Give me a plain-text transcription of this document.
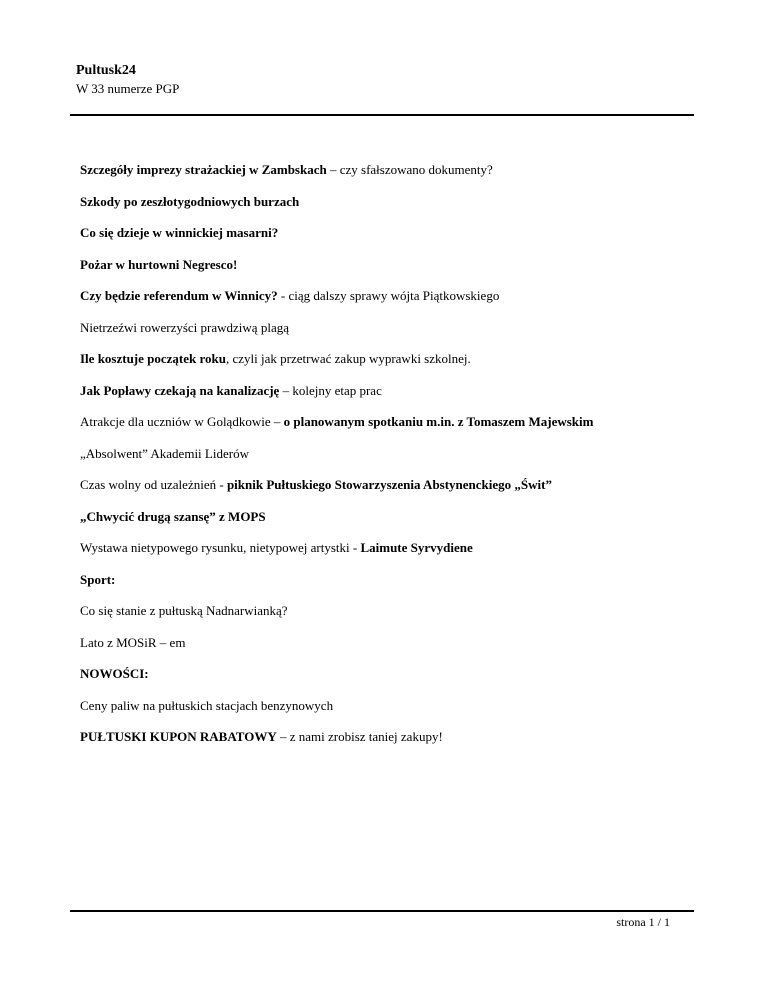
Pultusk24
W 33 numerze PGP
Szczegóły imprezy strażackiej w Zambskach – czy sfałszowano dokumenty?
Szkody po zeszłotygodniowych burzach
Co się dzieje w winnickiej masarni?
Pożar w hurtowni Negresco!
Czy będzie referendum w Winnicy? - ciąg dalszy sprawy wójta Piątkowskiego
Nietrzeźwi rowerzyści prawdziwą plagą
Ile kosztuje początek roku, czyli jak przetrwać zakup wyprawki szkolnej.
Jak Popławy czekają na kanalizację – kolejny etap prac
Atrakcje dla uczniów w Golądkowie – o planowanym spotkaniu m.in. z Tomaszem Majewskim
„Absolwent” Akademii Liderów
Czas wolny od uzależnień - piknik Pułtuskiego Stowarzyszenia Abstynenckiego „Świt”
„Chwycić drugą szansę” z MOPS
Wystawa nietypowego rysunku, nietypowej artystki - Laimute Syrvydiene
Sport:
Co się stanie z pułtuską Nadnarwianką?
Lato z MOSiR – em
NOWOŚCI:
Ceny paliw na pułtuskich stacjach benzynowych
PUŁTUSKI KUPON RABATOWY – z nami zrobisz taniej zakupy!
strona 1 / 1
